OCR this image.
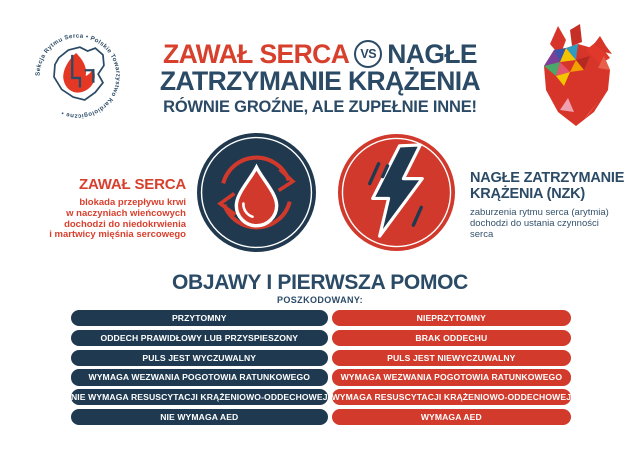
Sekcja Rytmu Serca • Polskie Towarzystwo Kardiologiczne •
ZAWAŁ SERCA VS NAGŁE
ZATRZYMANIE KRĄŻENIA
RÓWNIE GROŹNE, ALE ZUPEŁNIE INNE!
ZAWAŁ SERCA
blokada przepływu krwi
w naczyniach wieńcowych
dochodzi do niedokrwienia
i martwicy mięśnia sercowego
NAGŁE ZATRZYMANIE KRĄŻENIA (NZK)
zaburzenia rytmu serca (arytmia)
dochodzi do ustania czynności
serca
OBJAWY I PIERWSZA POMOC
POSZKODOWANY:
PRZYTOMNY
ODDECH PRAWIDŁOWY LUB PRZYSPIESZONY
PULS JEST WYCZUWALNY
WYMAGA WEZWANIA POGOTOWIA RATUNKOWEGO
NIE WYMAGA RESUSCYTACJI KRĄŻENIOWO-ODDECHOWEJ
NIE WYMAGA AED
NIEPRZYTOMNY
BRAK ODDECHU
PULS JEST NIEWYCZUWALNY
WYMAGA WEZWANIA POGOTOWIA RATUNKOWEGO
WYMAGA RESUSCYTACJI KRĄŻENIOWO-ODDECHOWEJ
WYMAGA AED
